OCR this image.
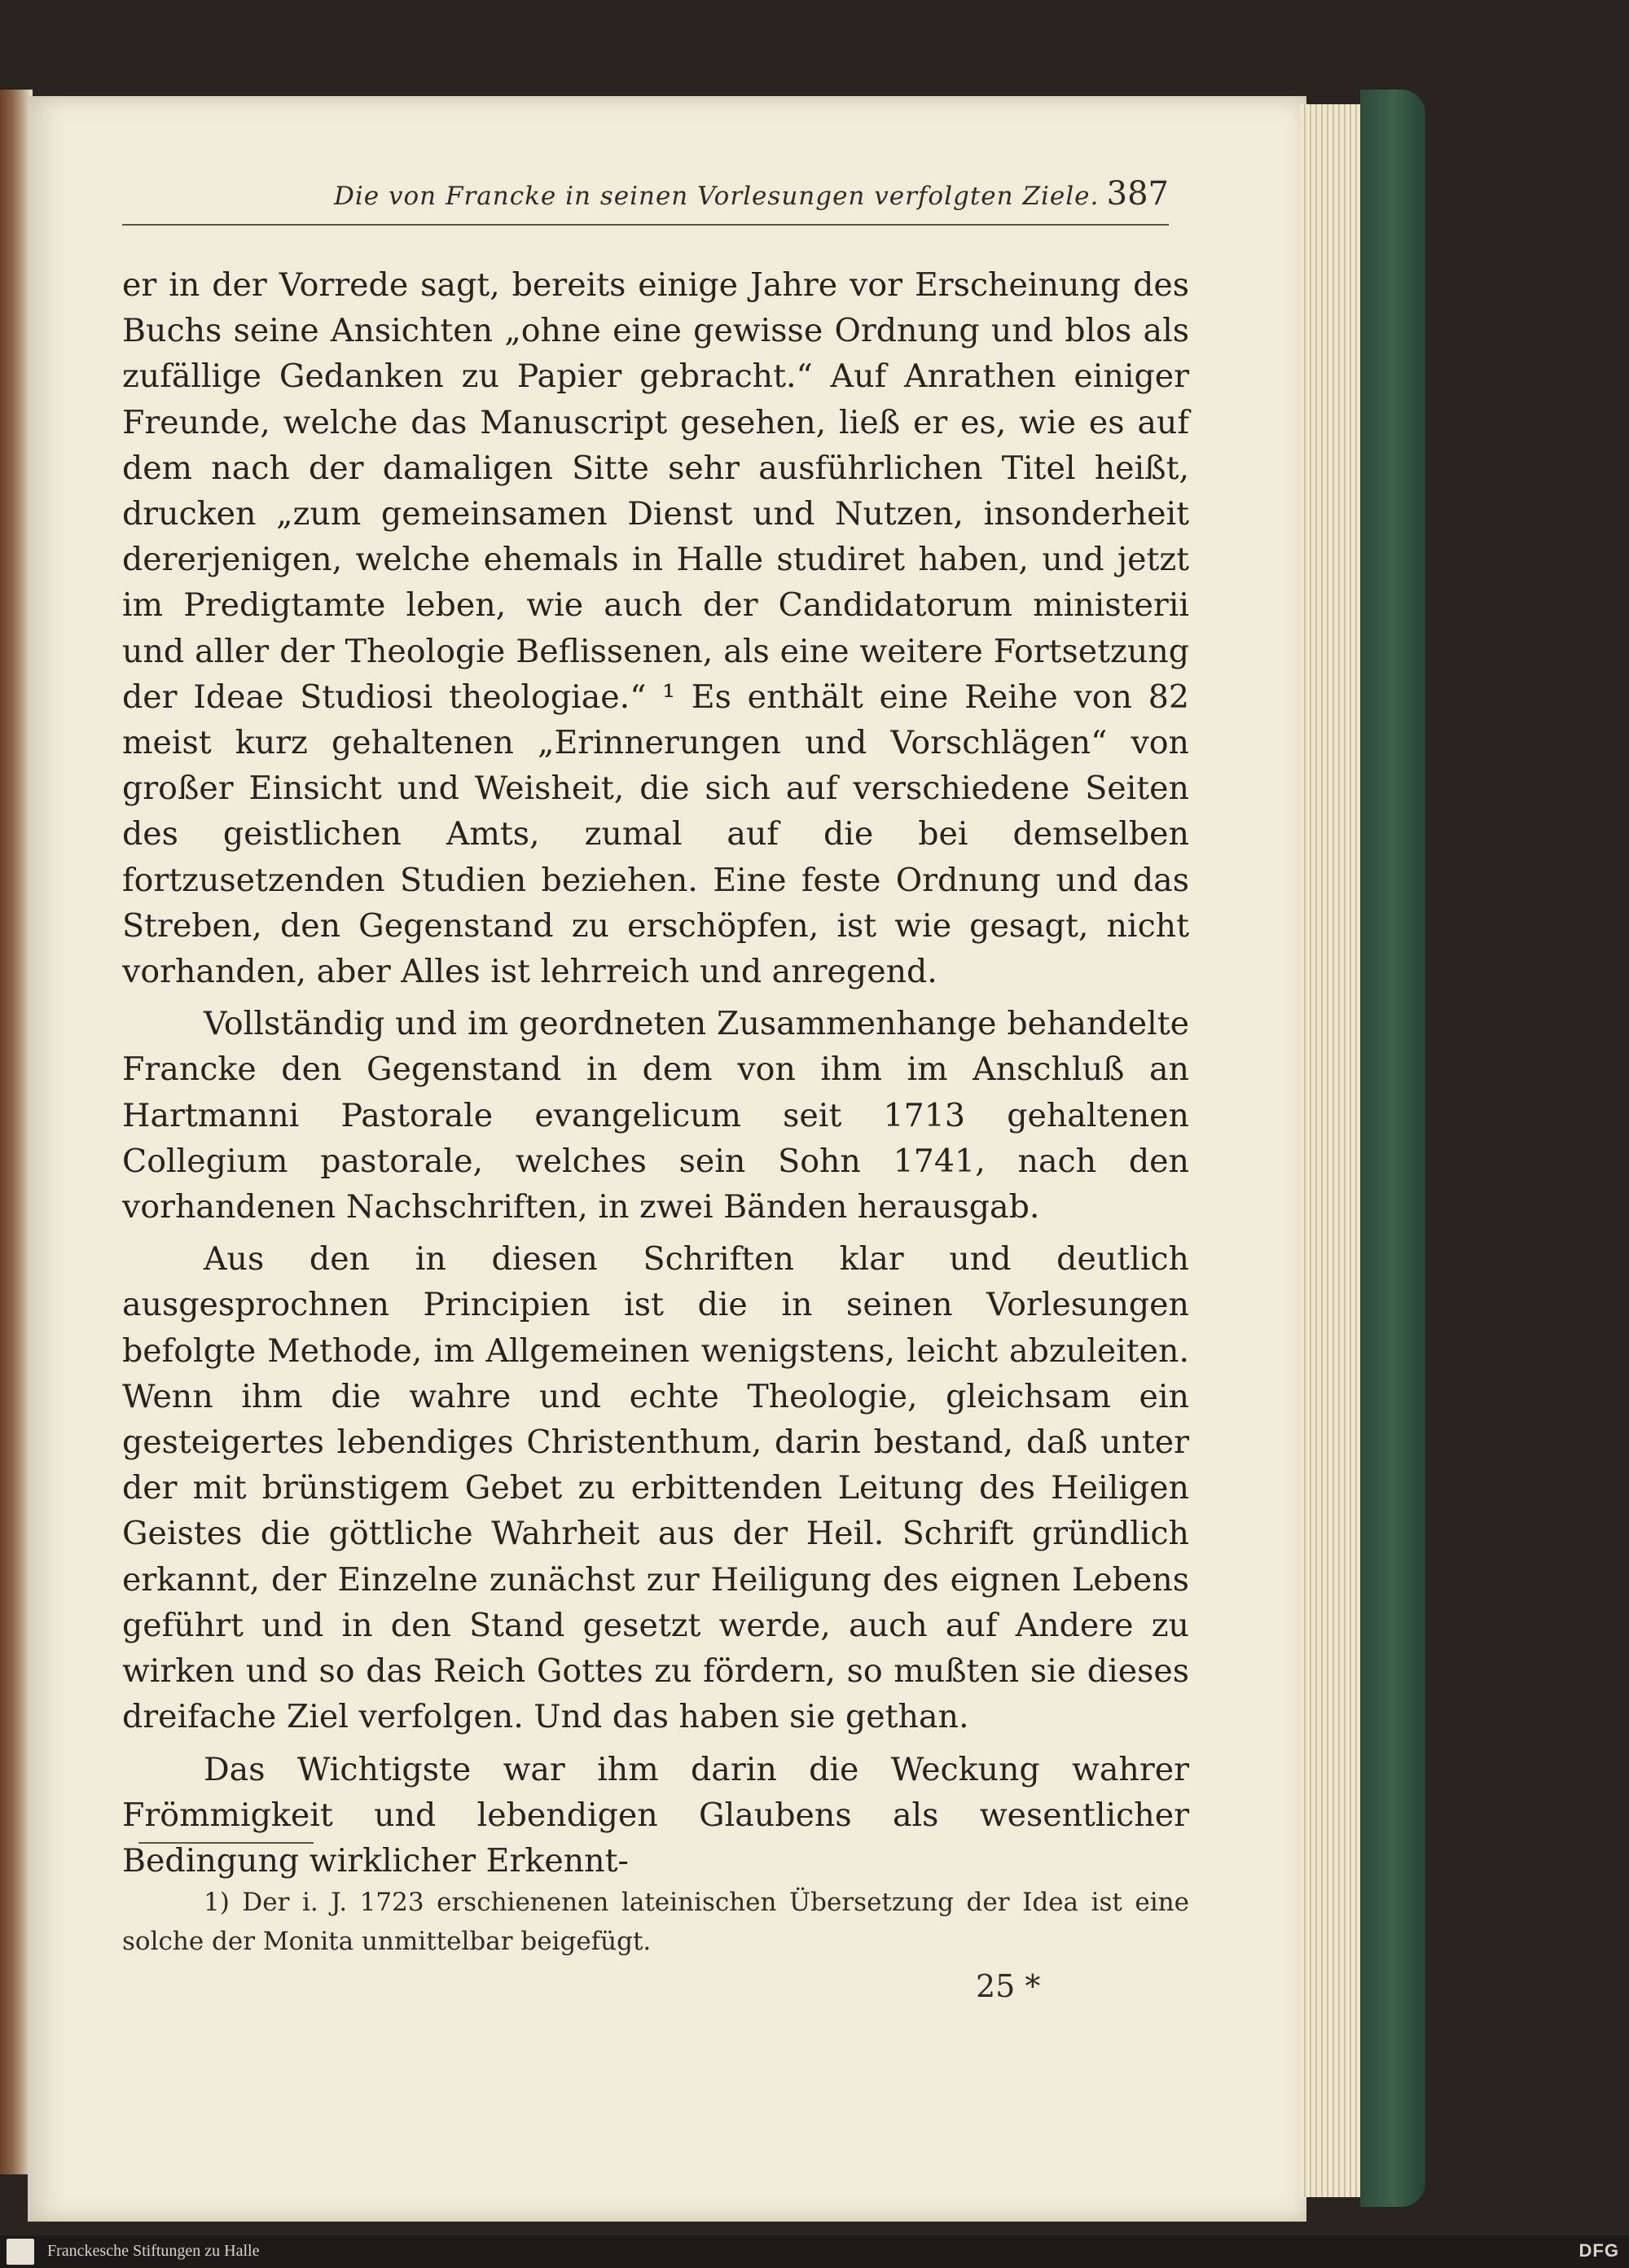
Die von Francke in seinen Vorlesungen verfolgten Ziele. 387

er in der Vorrede sagt, bereits einige Jahre vor Erscheinung des Buchs seine Ansichten „ohne eine gewisse Ordnung und blos als zufällige Gedanken zu Papier gebracht.“ Auf Anrathen einiger Freunde, welche das Manuscript gesehen, ließ er es, wie es auf dem nach der damaligen Sitte sehr ausführlichen Titel heißt, drucken „zum gemeinsamen Dienst und Nutzen, insonderheit dererjenigen, welche ehemals in Halle studiret haben, und jetzt im Predigtamte leben, wie auch der Candidatorum ministerii und aller der Theologie Beflissenen, als eine weitere Fortsetzung der Ideae Studiosi theologiae.“ ¹ Es enthält eine Reihe von 82 meist kurz gehaltenen „Erinnerungen und Vorschlägen“ von großer Einsicht und Weisheit, die sich auf verschiedene Seiten des geistlichen Amts, zumal auf die bei demselben fortzusetzenden Studien beziehen. Eine feste Ordnung und das Streben, den Gegenstand zu erschöpfen, ist wie gesagt, nicht vorhanden, aber Alles ist lehrreich und anregend.

Vollständig und im geordneten Zusammenhange behandelte Francke den Gegenstand in dem von ihm im Anschluß an Hartmanni Pastorale evangelicum seit 1713 gehaltenen Collegium pastorale, welches sein Sohn 1741, nach den vorhandenen Nachschriften, in zwei Bänden herausgab.

Aus den in diesen Schriften klar und deutlich ausgesprochnen Principien ist die in seinen Vorlesungen befolgte Methode, im Allgemeinen wenigstens, leicht abzuleiten. Wenn ihm die wahre und echte Theologie, gleichsam ein gesteigertes lebendiges Christenthum, darin bestand, daß unter der mit brünstigem Gebet zu erbittenden Leitung des Heiligen Geistes die göttliche Wahrheit aus der Heil. Schrift gründlich erkannt, der Einzelne zunächst zur Heiligung des eignen Lebens geführt und in den Stand gesetzt werde, auch auf Andere zu wirken und so das Reich Gottes zu fördern, so mußten sie dieses dreifache Ziel verfolgen. Und das haben sie gethan.

Das Wichtigste war ihm darin die Weckung wahrer Frömmigkeit und lebendigen Glaubens als wesentlicher Bedingung wirklicher Erkennt-

1) Der i. J. 1723 erschienenen lateinischen Übersetzung der Idea ist eine solche der Monita unmittelbar beigefügt.

25 *
Franckesche Stiftungen zu Halle	DFG
